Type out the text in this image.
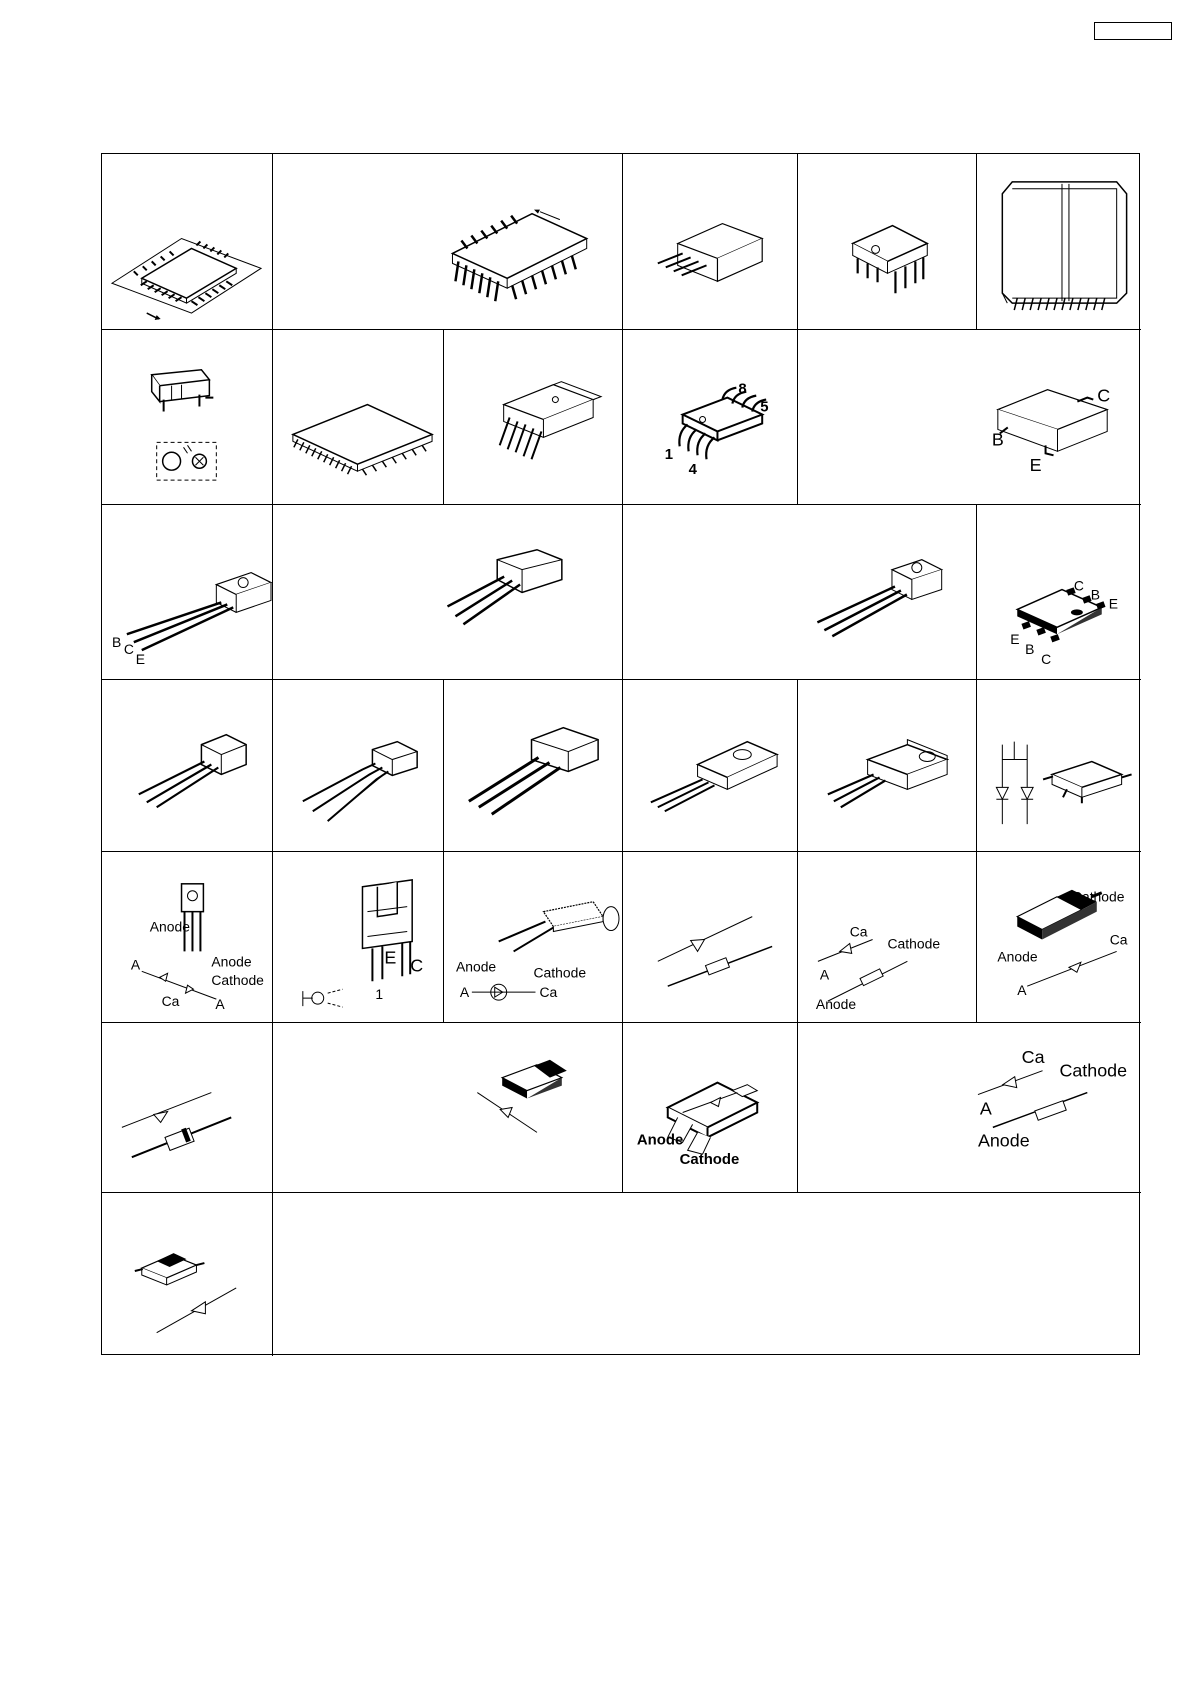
8
5
1
4
C
B
E
B C
E
C
B
E
E
B
C
Anode
A	Anode
Cathode
Ca	A
E C
1
Anode	Cathode
A	Ca
Ca
Cathode
A
Anode
Cathode
Anode
Ca
A
Anode
Cathode
Ca
Cathode
A
Anode
